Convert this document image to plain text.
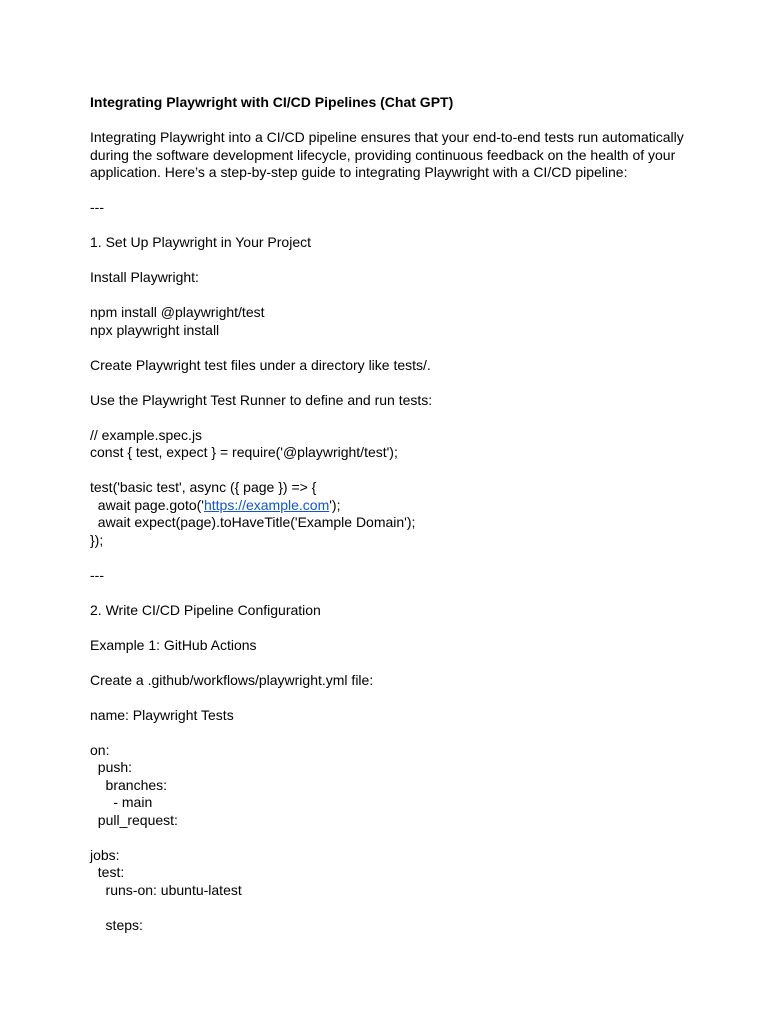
Integrating Playwright with CI/CD Pipelines (Chat GPT)
Integrating Playwright into a CI/CD pipeline ensures that your end-to-end tests run automatically
during the software development lifecycle, providing continuous feedback on the health of your
application. Here’s a step-by-step guide to integrating Playwright with a CI/CD pipeline:
---
1. Set Up Playwright in Your Project
Install Playwright:
npm install @playwright/test
npx playwright install
Create Playwright test files under a directory like tests/.
Use the Playwright Test Runner to define and run tests:
// example.spec.js
const { test, expect } = require('@playwright/test');
test('basic test', async ({ page }) => {
await page.goto('https://example.com');
await expect(page).toHaveTitle('Example Domain');
});
---
2. Write CI/CD Pipeline Configuration
Example 1: GitHub Actions
Create a .github/workflows/playwright.yml file:
name: Playwright Tests
on:
push:
branches:
- main
pull_request:
jobs:
test:
runs-on: ubuntu-latest
steps:
